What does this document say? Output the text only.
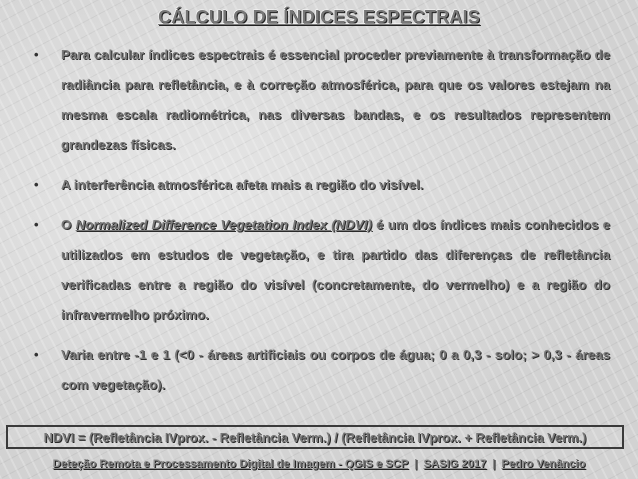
CÁLCULO DE ÍNDICES ESPECTRAIS
•	Para calcular índices espectrais é essencial proceder previamente à transformação de radiância para refletância, e à correção atmosférica, para que os valores estejam na mesma escala radiométrica, nas diversas bandas, e os resultados representem grandezas físicas.
•	A interferência atmosférica afeta mais a região do visível.
•	O Normalized Difference Vegetation Index (NDVI) é um dos índices mais conhecidos e utilizados em estudos de vegetação, e tira partido das diferenças de refletância verificadas entre a região do visível (concretamente, do vermelho) e a região do infravermelho próximo.
•	Varia entre -1 e 1 (<0 - áreas artificiais ou corpos de água; 0 a 0,3 - solo; > 0,3 - áreas com vegetação).
NDVI = (Refletância IVprox. - Refletância Verm.) / (Refletância IVprox. + Refletância Verm.)
Deteção Remota e Processamento Digital de Imagem - QGIS e SCP | SASIG 2017 | Pedro Venâncio
